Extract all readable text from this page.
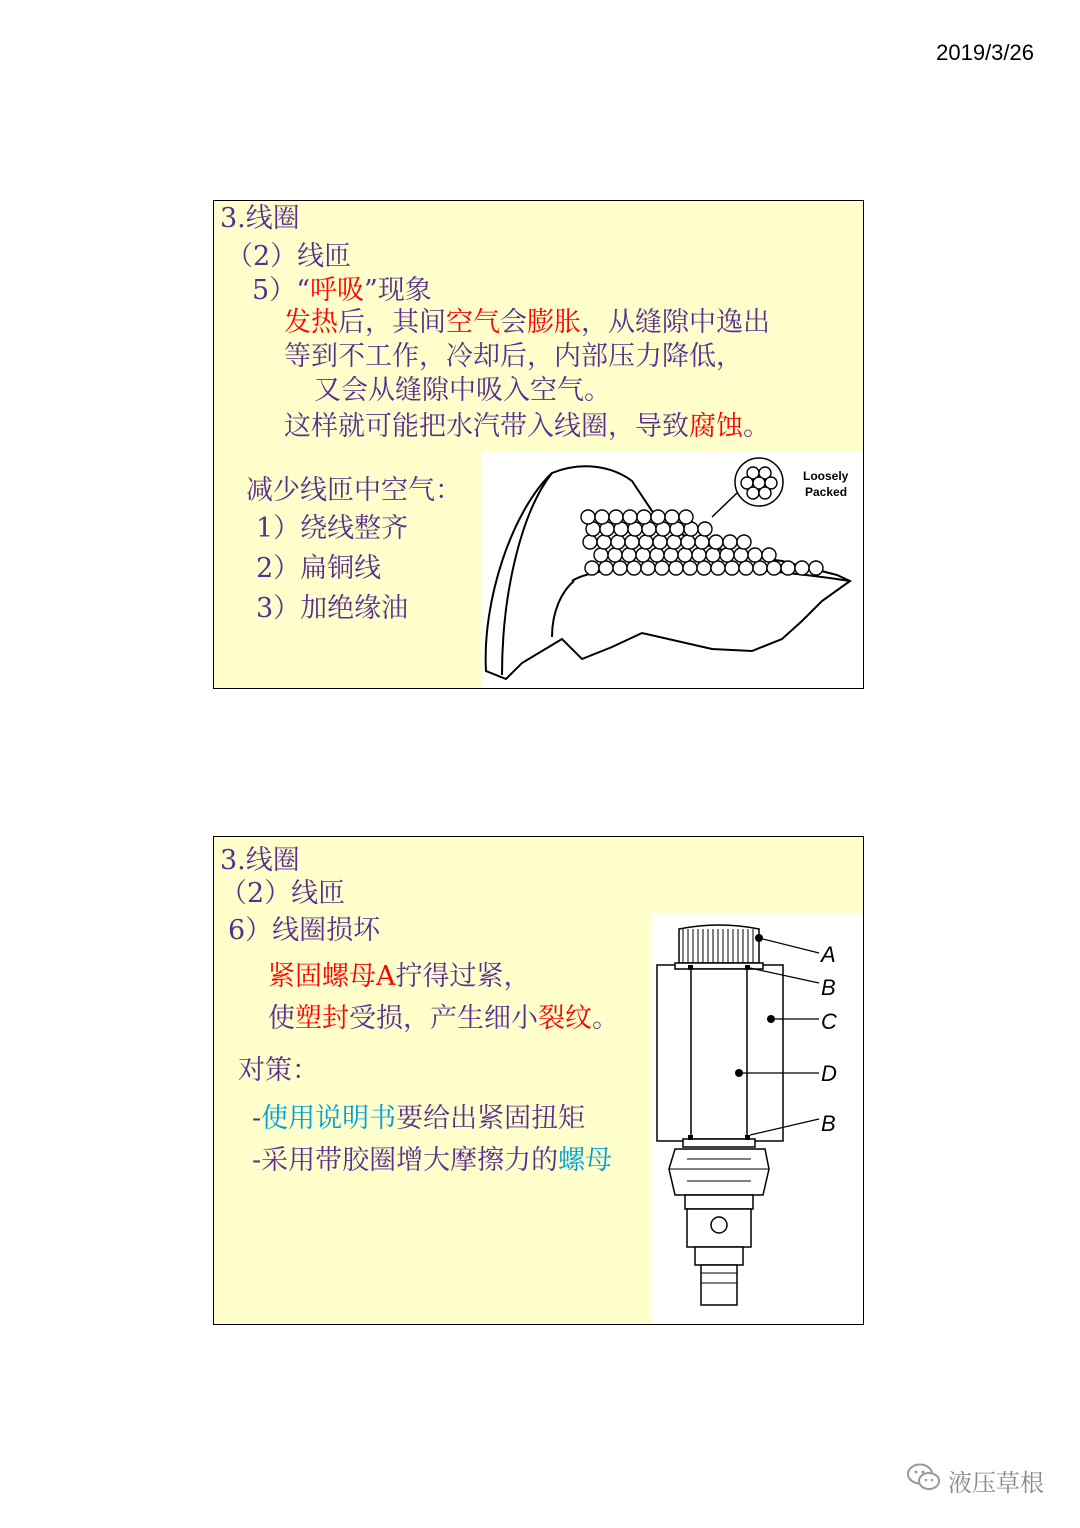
2019/3/26
3.线圈
（2）线匝
5）“呼吸”现象
发热后，其间空气会膨胀，从缝隙中逸出
等到不工作，冷却后，内部压力降低，
又会从缝隙中吸入空气。
这样就可能把水汽带入线圈，导致腐蚀。
减少线匝中空气：
1）绕线整齐
2）扁铜线
3）加绝缘油
Loosely
Packed
3.线圈
（2）线匝
6）线圈损坏
紧固螺母A拧得过紧，
使塑封受损，产生细小裂纹。
对策：
-使用说明书要给出紧固扭矩
-采用带胶圈增大摩擦力的螺母
A
B
C
D
B
液压草根
